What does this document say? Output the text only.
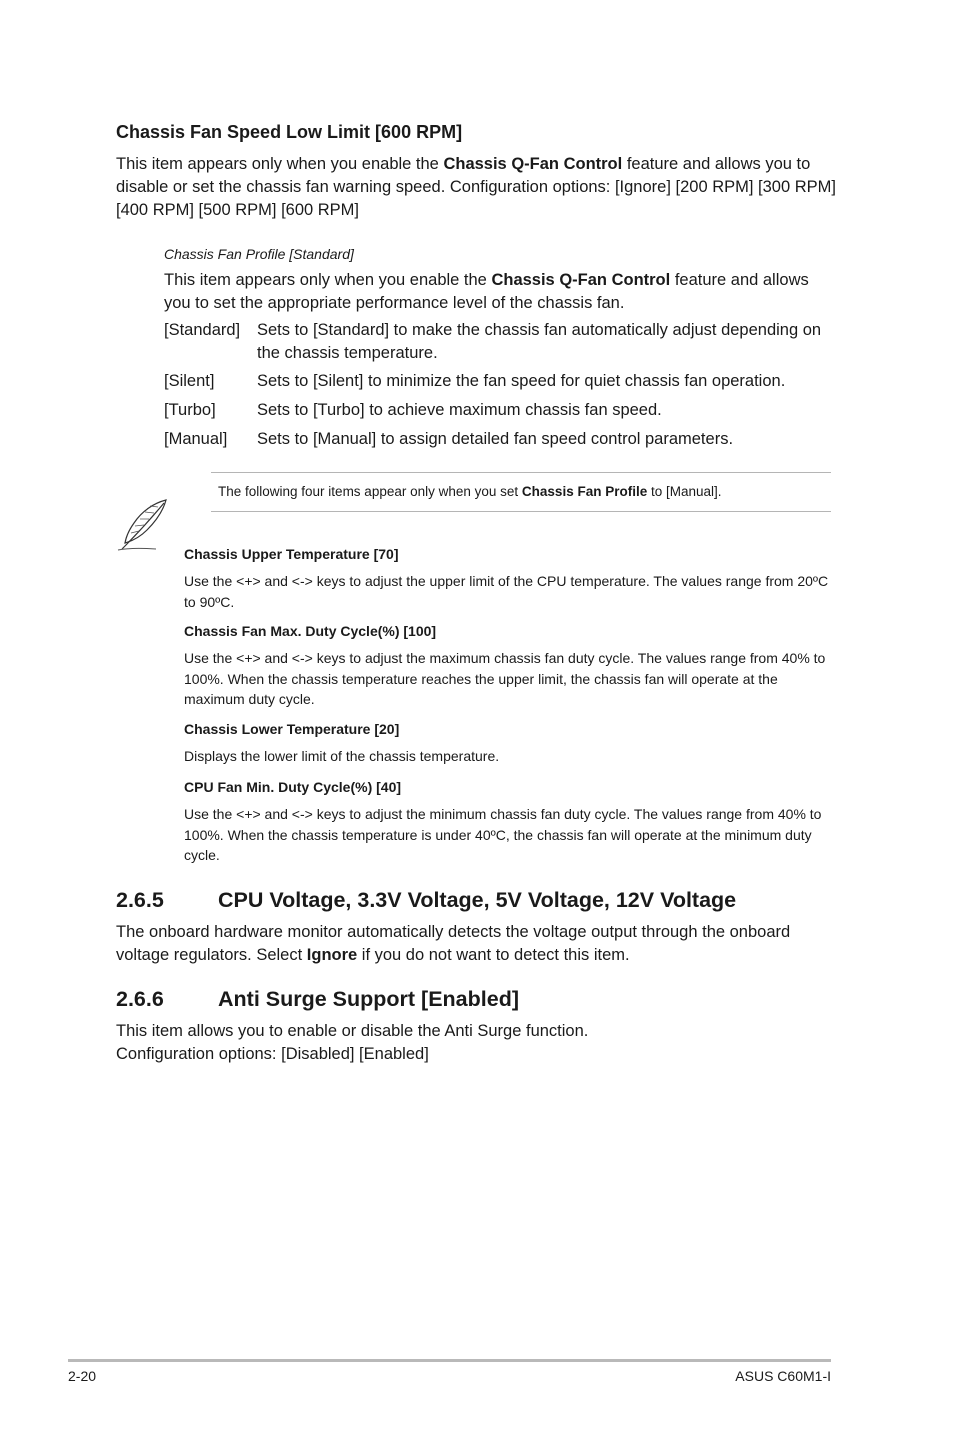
Chassis Fan Speed Low Limit [600 RPM]
This item appears only when you enable the Chassis Q-Fan Control feature and allows you to disable or set the chassis fan warning speed. Configuration options: [Ignore] [200 RPM] [300 RPM] [400 RPM] [500 RPM] [600 RPM]
Chassis Fan Profile [Standard]
This item appears only when you enable the Chassis Q-Fan Control feature and allows you to set the appropriate performance level of the chassis fan.
[Standard]	Sets to [Standard] to make the chassis fan automatically adjust depending on the chassis temperature.
[Silent]	Sets to [Silent] to minimize the fan speed for quiet chassis fan operation.
[Turbo]	Sets to [Turbo] to achieve maximum chassis fan speed.
[Manual]	Sets to [Manual] to assign detailed fan speed control parameters.
The following four items appear only when you set Chassis Fan Profile to [Manual].
Chassis Upper Temperature [70]
Use the <+> and <-> keys to adjust the upper limit of the CPU temperature. The values range from 20ºC to 90ºC.
Chassis Fan Max. Duty Cycle(%) [100]
Use the <+> and <-> keys to adjust the maximum chassis fan duty cycle. The values range from 40% to 100%. When the chassis temperature reaches the upper limit, the chassis fan will operate at the maximum duty cycle.
Chassis Lower Temperature [20]
Displays the lower limit of the chassis temperature.
CPU Fan Min. Duty Cycle(%) [40]
Use the <+> and <-> keys to adjust the minimum chassis fan duty cycle. The values range from 40% to 100%. When the chassis temperature is under 40ºC, the chassis fan will operate at the minimum duty cycle.
2.6.5	CPU Voltage, 3.3V Voltage, 5V Voltage, 12V Voltage
The onboard hardware monitor automatically detects the voltage output through the onboard voltage regulators. Select Ignore if you do not want to detect this item.
2.6.6	Anti Surge Support [Enabled]
This item allows you to enable or disable the Anti Surge function.
Configuration options: [Disabled] [Enabled]
2-20	ASUS C60M1-I
